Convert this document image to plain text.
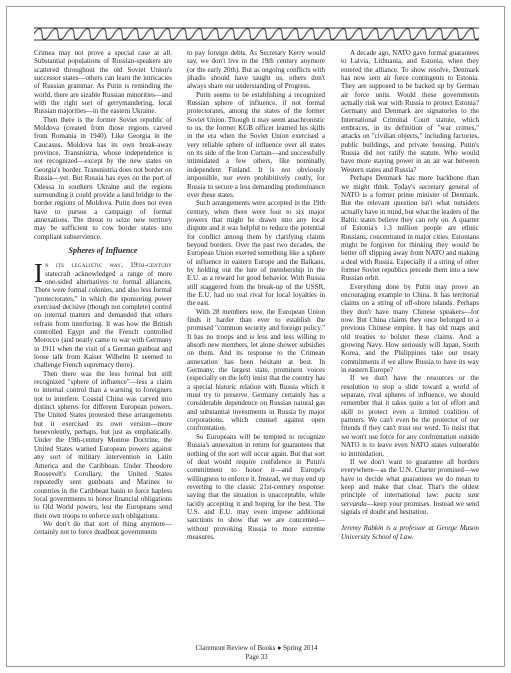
Crimea may not prove a special case at all. Substantial populations of Russian-speakers are scattered throughout the old Soviet Union's successor states—others can learn the intricacies of Russian grammar. As Putin is reminding the world, there are sizable Russian minorities—and with the right sort of gerrymandering, local Russian majorities—in the eastern Ukraine.

Then there is the former Soviet republic of Moldova (created from those regions carved from Romania in 1940). Like Georgia in the Caucasus, Moldova has its own break-away province, Transnistria, whose independence is not recognized—except by the new states on Georgia's border. Transnistria does not border on Russia—yet. But Russia has eyes on the port of Odessa in southern Ukraine and the regions surrounding it could provide a land bridge to the border regions of Moldova. Putin does not even have to pursue a campaign of formal annexations. The threat to seize new territory may be sufficient to cow border states into compliant subservience.

Spheres of Influence

In its legalistic way, 19th-century statecraft acknowledged a range of more one-sided alternatives to formal alliances. There were formal colonies, and also less formal "protectorates," in which the sponsoring power exercised decisive (though not complete) control on internal matters and demanded that others refrain from interfering. It was how the British controlled Egypt and the French controlled Morocco (and nearly came to war with Germany in 1911 when the visit of a German gunboat and loose talk from Kaiser Wilhelm II seemed to challenge French supremacy there).

Then there was the less formal but still recognized "sphere of influence"—less a claim to internal control than a warning to foreigners not to interfere. Coastal China was carved into distinct spheres for different European powers. The United States protested these arrangements but it exercised its own version—more benevolently, perhaps, but just as emphatically. Under the 19th-century Monroe Doctrine, the United States warned European powers against any sort of military intervention in Latin America and the Caribbean. Under Theodore Roosevelt's Corollary, the United States repeatedly sent gunboats and Marines to countries in the Caribbean basin to force hapless local governments to honor financial obligations to Old World powers, lest the Europeans send their own troops to enforce such obligations.

We don't do that sort of thing anymore—certainly not to force deadbeat governments

to pay foreign debts. As Secretary Kerry would say, we don't live in the 19th century anymore (or the early 20th). But as ongoing conflicts with jihadis should have taught us, others don't always share our understanding of Progress.

Putin seems to be establishing a recognized Russian sphere of influence, if not formal protectorates, among the states of the former Soviet Union. Though it may seem anachronistic to us, the former KGB officer learned his skills in the era when the Soviet Union exercised a very reliable sphere of influence over all states on its side of the Iron Curtain—and successfully intimidated a few others, like nominally independent Finland. It is not obviously impossible, nor even prohibitively costly, for Russia to secure a less demanding predominance over these states.

Such arrangements were accepted in the 19th century, when there were four to six major powers that might be drawn into any local dispute and it was helpful to reduce the potential for conflict among them by clarifying claims beyond borders. Over the past two decades, the European Union exerted something like a sphere of influence in eastern Europe and the Balkans, by holding out the lure of membership in the E.U. as a reward for good behavior. With Russia still staggered from the break-up of the USSR, the E.U. had no real rival for local loyalties in the east.

With 28 members now, the European Union finds it harder than ever to establish the promised "common security and foreign policy." It has no troops and is less and less willing to absorb new members, let alone shower subsidies on them. And its response to the Crimean annexation has been hesitant at best. In Germany, the largest state, prominent voices (especially on the left) insist that the country has a special historic relation with Russia which it must try to preserve. Germany certainly has a considerable dependence on Russian natural gas and substantial investments in Russia by major corporations, which counsel against open confrontation.

So Europeans will be tempted to recognize Russia's annexation in return for guarantees that nothing of the sort will occur again. But that sort of deal would require confidence in Putin's commitment to honor it—and Europe's willingness to enforce it. Instead, we may end up reverting to the classic 21st-century response: saying that the situation is unacceptable, while tacitly accepting it and hoping for the best. The U.S. and E.U. may even impose additional sanctions to show that we are concerned—without provoking Russia to more extreme measures.

A decade ago, NATO gave formal guarantees to Latvia, Lithuania, and Estonia, when they entered the alliance. To show resolve, Denmark has now sent air force contingents to Estonia. They are supposed to be backed up by German air force units. Would these governments actually risk war with Russia to protect Estonia? Germany and Denmark are signatories to the International Criminal Court statute, which embraces, in its definition of "war crimes," attacks on "civilian objects," including factories, public buildings, and private housing. Putin's Russia did not ratify the statute. Who would have more staying power in an air war between Western states and Russia?

Perhaps Denmark has more backbone than we might think. Today's secretary general of NATO is a former prime minister of Denmark. But the relevant question isn't what outsiders actually have in mind, but what the leaders of the Baltic states believe they can rely on. A quarter of Estonia's 1.3 million people are ethnic Russians, concentrated in major cities. Estonians might be forgiven for thinking they would be better off slipping away from NATO and making a deal with Russia. Especially if a string of other former Soviet republics precede them into a new Russian orbit.

Everything done by Putin may prove an encouraging example to China. It has territorial claims on a string of off-shore islands. Perhaps they don't have many Chinese speakers—for now. But China claims they once belonged to a previous Chinese empire. It has old maps and old treaties to bolster these claims. And a growing Navy. How seriously will Japan, South Korea, and the Philippines take our treaty commitments if we allow Russia to have its way in eastern Europe?

If we don't have the resources or the resolution to stop a slide toward a world of separate, rival spheres of influence, we should remember that it takes quite a lot of effort and skill to protect even a limited coalition of partners. We can't even be the protector of our friends if they can't trust our word. To insist that we won't use force for any confrontation outside NATO is to leave even NATO states vulnerable to intimidation.

If we don't want to guarantee all borders everywhere—as the U.N. Charter promised—we have to decide what guarantees we do mean to keep and make that clear. That's the oldest principle of international law: pacta sunt servanda—keep your promises. Instead we send signals of doubt and hesitation.

Jeremy Rabkin is a professor at George Mason University School of Law.

Claremont Review of Books ● Spring 2014
Page 33
